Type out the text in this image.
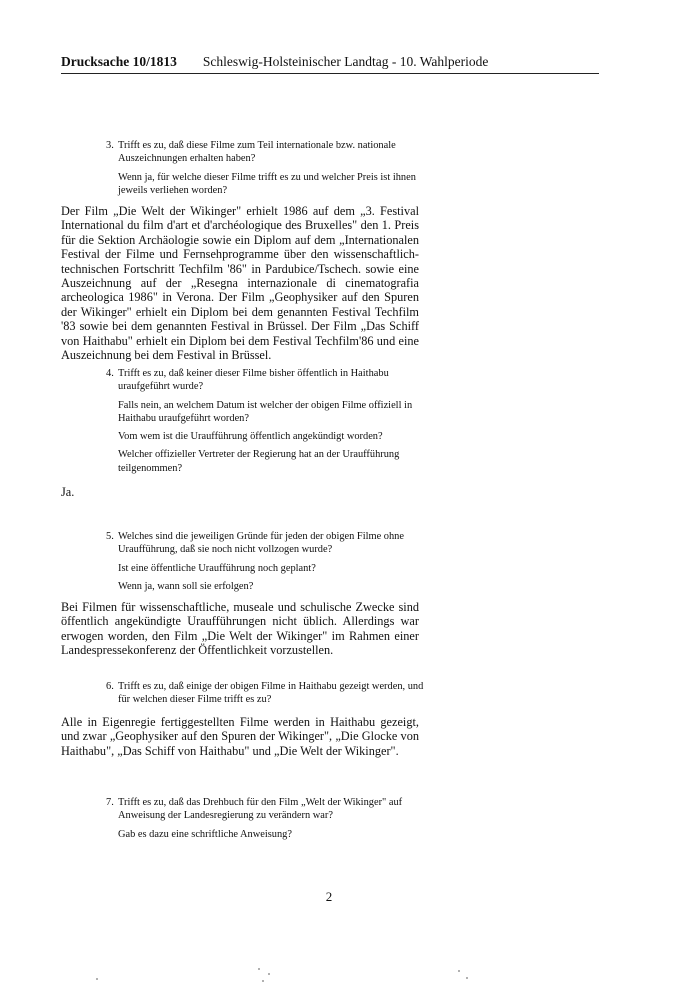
Drucksache 10/1813 Schleswig-Holsteinischer Landtag - 10. Wahlperiode
3. Trifft es zu, daß diese Filme zum Teil internationale bzw. nationale Auszeichnungen erhalten haben?

Wenn ja, für welche dieser Filme trifft es zu und welcher Preis ist ihnen jeweils verliehen worden?

Der Film „Die Welt der Wikinger" erhielt 1986 auf dem „3. Festival International du film d'art et d'archéologique des Bruxelles" den 1. Preis für die Sektion Archäologie sowie ein Diplom auf dem „Internationalen Festival der Filme und Fernsehprogramme über den wissenschaftlich-technischen Fortschritt Techfilm '86" in Pardubice/Tschech. sowie eine Auszeichnung auf der „Resegna internazionale di cinematografia archeologica 1986" in Verona. Der Film „Geophysiker auf den Spuren der Wikinger" erhielt ein Diplom bei dem genannten Festival Techfilm '83 sowie bei dem genannten Festival in Brüssel. Der Film „Das Schiff von Haithabu" erhielt ein Diplom bei dem Festival Techfilm'86 und eine Auszeichnung bei dem Festival in Brüssel.
4. Trifft es zu, daß keiner dieser Filme bisher öffentlich in Haithabu uraufgeführt wurde?

Falls nein, an welchem Datum ist welcher der obigen Filme offiziell in Haithabu uraufgeführt worden?

Vom wem ist die Uraufführung öffentlich angekündigt worden?

Welcher offizieller Vertreter der Regierung hat an der Uraufführung teilgenommen?

Ja.
5. Welches sind die jeweiligen Gründe für jeden der obigen Filme ohne Uraufführung, daß sie noch nicht vollzogen wurde?

Ist eine öffentliche Uraufführung noch geplant?

Wenn ja, wann soll sie erfolgen?

Bei Filmen für wissenschaftliche, museale und schulische Zwecke sind öffentlich angekündigte Uraufführungen nicht üblich. Allerdings war erwogen worden, den Film „Die Welt der Wikinger" im Rahmen einer Landespressekonferenz der Öffentlichkeit vorzustellen.
6. Trifft es zu, daß einige der obigen Filme in Haithabu gezeigt werden, und für welchen dieser Filme trifft es zu?

Alle in Eigenregie fertiggestellten Filme werden in Haithabu gezeigt, und zwar „Geophysiker auf den Spuren der Wikinger", „Die Glocke von Haithabu", „Das Schiff von Haithabu" und „Die Welt der Wikinger".
7. Trifft es zu, daß das Drehbuch für den Film „Welt der Wikinger" auf Anweisung der Landesregierung zu verändern war?

Gab es dazu eine schriftliche Anweisung?

2
